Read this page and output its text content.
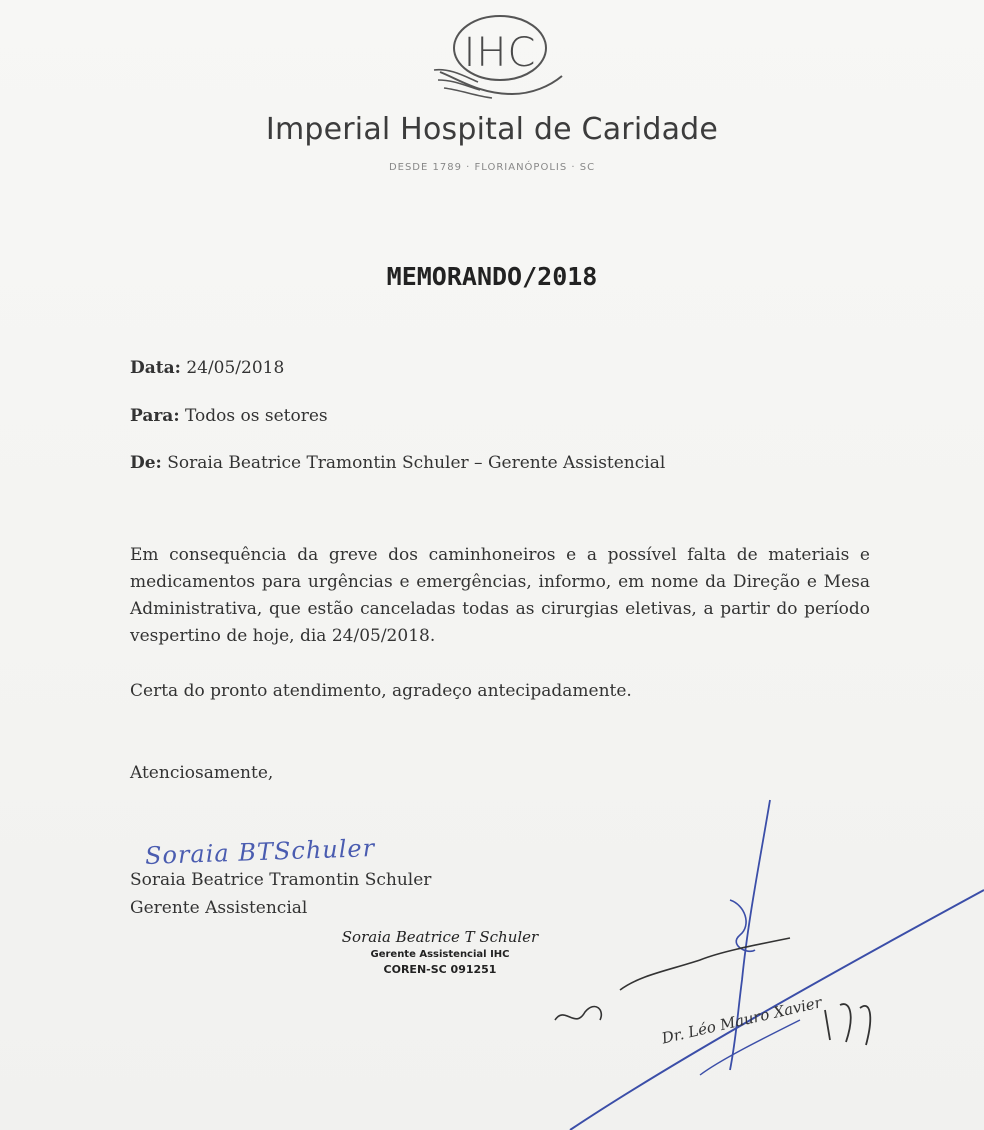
IHC
Imperial Hospital de Caridade
DESDE 1789 · FLORIANÓPOLIS · SC
MEMORANDO/2018
Data: 24/05/2018
Para: Todos os setores
De: Soraia Beatrice Tramontin Schuler – Gerente Assistencial
Em consequência da greve dos caminhoneiros e a possível falta de materiais e medicamentos para urgências e emergências, informo, em nome da Direção e Mesa Administrativa, que estão canceladas todas as cirurgias eletivas, a partir do período vespertino de hoje, dia 24/05/2018.
Certa do pronto atendimento, agradeço antecipadamente.
Atenciosamente,
Soraia BTSchuler
Soraia Beatrice Tramontin Schuler
Gerente Assistencial
Soraia Beatrice T Schuler
Gerente Assistencial IHC
COREN-SC 091251
Dr. Léo Mauro Xavier
